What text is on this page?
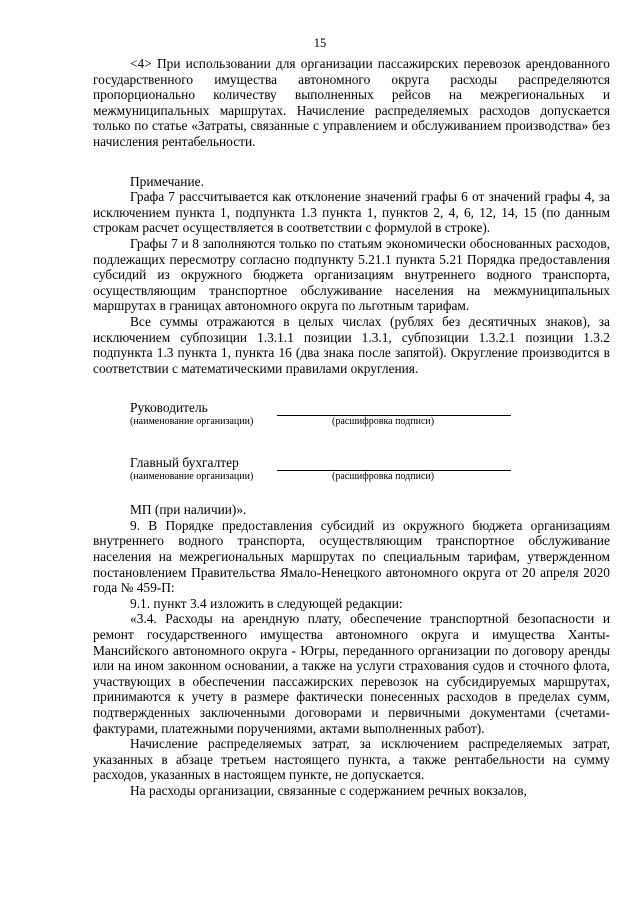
15

<4> При использовании для организации пассажирских перевозок арендованного государственного имущества автономного округа расходы распределяются пропорционально количеству выполненных рейсов на межрегиональных и межмуниципальных маршрутах. Начисление распределяемых расходов допускается только по статье «Затраты, связанные с управлением и обслуживанием производства» без начисления рентабельности.

Примечание.

Графа 7 рассчитывается как отклонение значений графы 6 от значений графы 4, за исключением пункта 1, подпункта 1.3 пункта 1, пунктов 2, 4, 6, 12, 14, 15 (по данным строкам расчет осуществляется в соответствии с формулой в строке).

Графы 7 и 8 заполняются только по статьям экономически обоснованных расходов, подлежащих пересмотру согласно подпункту 5.21.1 пункта 5.21 Порядка предоставления субсидий из окружного бюджета организациям внутреннего водного транспорта, осуществляющим транспортное обслуживание населения на межмуниципальных маршрутах в границах автономного округа по льготным тарифам.

Все суммы отражаются в целых числах (рублях без десятичных знаков), за исключением субпозиции 1.3.1.1 позиции 1.3.1, субпозиции 1.3.2.1 позиции 1.3.2 подпункта 1.3 пункта 1, пункта 16 (два знака после запятой). Округление производится в соответствии с математическими правилами округления.

Руководитель
(наименование организации)	(расшифровка подписи)
Главный бухгалтер
(наименование организации)	(расшифровка подписи)

МП (при наличии)».

9. В Порядке предоставления субсидий из окружного бюджета организациям внутреннего водного транспорта, осуществляющим транспортное обслуживание населения на межрегиональных маршрутах по специальным тарифам, утвержденном постановлением Правительства Ямало-Ненецкого автономного округа от 20 апреля 2020 года № 459-П:

9.1. пункт 3.4 изложить в следующей редакции:

«3.4. Расходы на арендную плату, обеспечение транспортной безопасности и ремонт государственного имущества автономного округа и имущества Ханты-Мансийского автономного округа - Югры, переданного организации по договору аренды или на ином законном основании, а также на услуги страхования судов и сточного флота, участвующих в обеспечении пассажирских перевозок на субсидируемых маршрутах, принимаются к учету в размере фактически понесенных расходов в пределах сумм, подтвержденных заключенными договорами и первичными документами (счетами-фактурами, платежными поручениями, актами выполненных работ).

Начисление распределяемых затрат, за исключением распределяемых затрат, указанных в абзаце третьем настоящего пункта, а также рентабельности на сумму расходов, указанных в настоящем пункте, не допускается.

На расходы организации, связанные с содержанием речных вокзалов,
